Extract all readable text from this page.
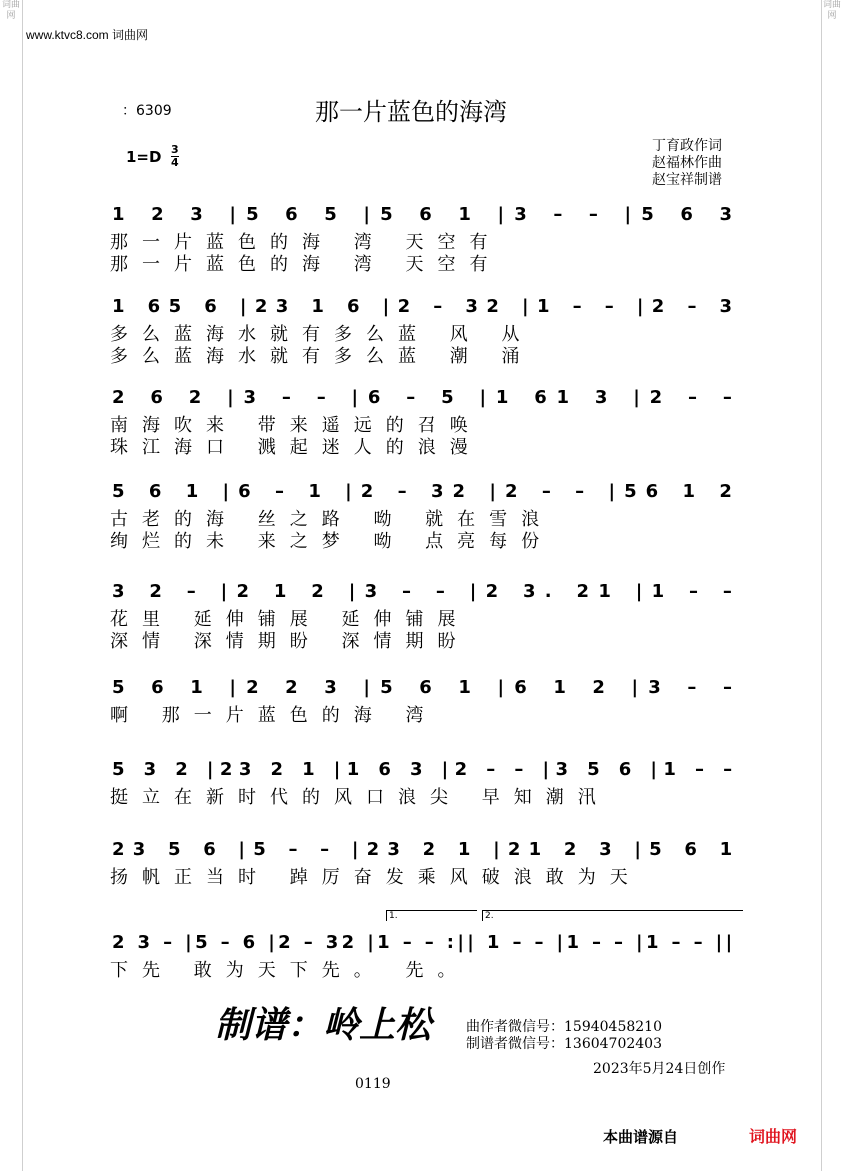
词曲网
词曲网
www.ktvc8.com 词曲网
：6309	那一片蓝色的海湾
$1=D \frac{3}{4}$	丁育政作词
赵福林作曲
赵宝祥制谱
1 2 3 |5 6 5 |5 6 1 |3 – – |5 6 3
那一片蓝色的海 湾 天空有
那一片蓝色的海 湾 天空有
1 65 6 |23 1 6 |2 – 32 |1 – – |2 – 3
多么蓝海水就有多么蓝 风 从
多么蓝海水就有多么蓝 潮 涌
2 6 2 |3 – – |6 – 5 |1 61 3 |2 – –
南海吹来 带来遥远的召唤
珠江海口 溅起迷人的浪漫
5 6 1 |6 – 1 |2 – 32 |2 – – |56 1 2
古老的海 丝之路 呦 就在雪浪
绚烂的未 来之梦 呦 点亮每份
3 2 – |2 1 2 |3 – – |2 3. 21 |1 – –
花里 延伸铺展 延伸铺展
深情 深情期盼 深情期盼
5 6 1 |2 2 3 |5 6 1 |6 1 2 |3 – –
啊 那一片蓝色的海 湾
5 3 2 |23 2 1 |1 6 3 |2 – – |3 5 6 |1 – –
挺立在新时代的风口浪尖 早知潮汛
23 5 6 |5 – – |23 2 1 |21 2 3 |5 6 1
扬帆正当时 踔厉奋发乘风破浪敢为天
1.	2.
2 3 – |5 – 6 |2 – 32 |1 – – :|| 1 – – |1 – – |1 – – ||
下先 敢为天下先。 先。
制谱：岭上松 曲作者微信号：15940458210
制谱者微信号：13604702403
2023年5月24日创作
0119
本曲谱源自	词曲网
